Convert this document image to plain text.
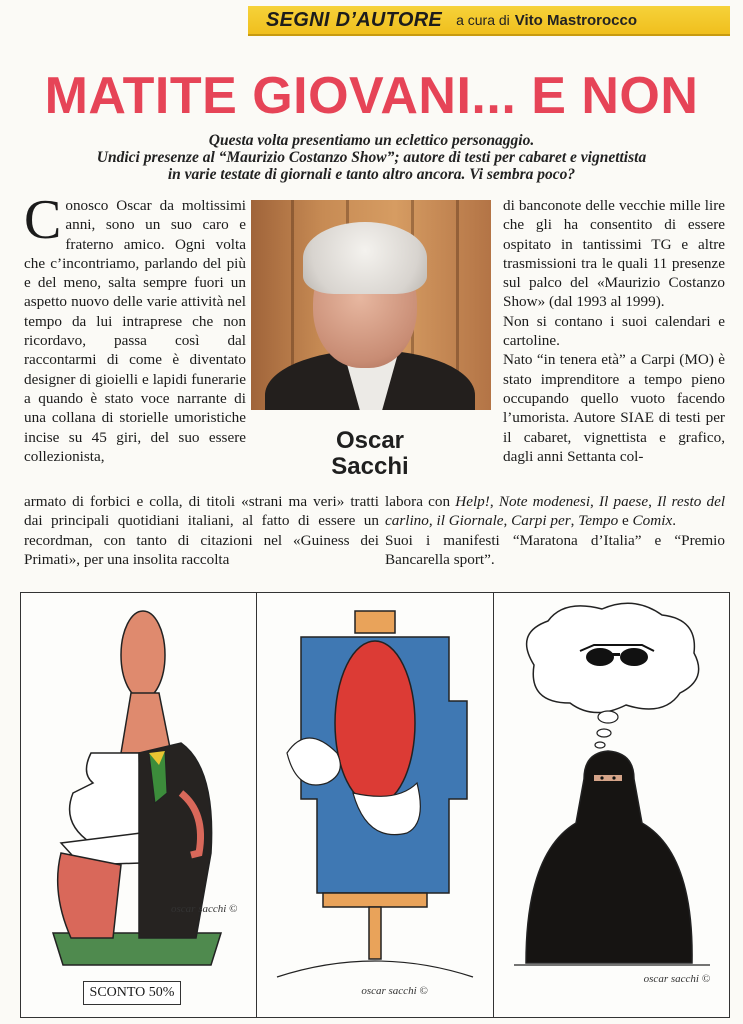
SEGNI D’AUTORE a cura di Vito Mastrorocco
MATITE GIOVANI... E NON
Questa volta presentiamo un eclettico personaggio.
Undici presenze al “Maurizio Costanzo Show”; autore di testi per cabaret e vignettista
in varie testate di giornali e tanto altro ancora. Vi sembra poco?
C onosco Oscar da moltissimi anni, sono un suo caro e fraterno amico. Ogni volta che c’incontriamo, parlando del più e del meno, salta sempre fuori un aspetto nuovo delle varie attività nel tempo da lui intraprese che non ricordavo, passa così dal raccontarmi di come è diventato designer di gioielli e lapidi funerarie a quando è stato voce narrante di una collana di storielle umoristiche incise su 45 giri, del suo essere collezionista,
Oscar
Sacchi

di banconote delle vecchie mille lire che gli ha consentito di essere ospitato in tantissimi TG e altre trasmissioni tra le quali 11 presenze sul palco del «Maurizio Costanzo Show» (dal 1993 al 1999).

Non si contano i suoi calendari e cartoline.

Nato “in tenera età” a Carpi (MO) è stato imprenditore a tempo pieno occupando quello vuoto facendo l’umorista. Autore SIAE di testi per il cabaret, vignettista e grafico, dagli anni Settanta col-

armato di forbici e colla, di titoli «strani ma veri» tratti dai principali quotidiani italiani, al fatto di essere un recordman, con tanto di citazioni nel «Guiness dei Primati», per una insolita raccolta

labora con Help!, Note modenesi, Il paese, Il resto del carlino, il Giornale, Carpi per, Tempo e Comix.

Suoi i manifesti “Maratona d’Italia” e “Premio Bancarella sport”.

SCONTO 50%
oscar sacchi ©
oscar sacchi ©
oscar sacchi ©
